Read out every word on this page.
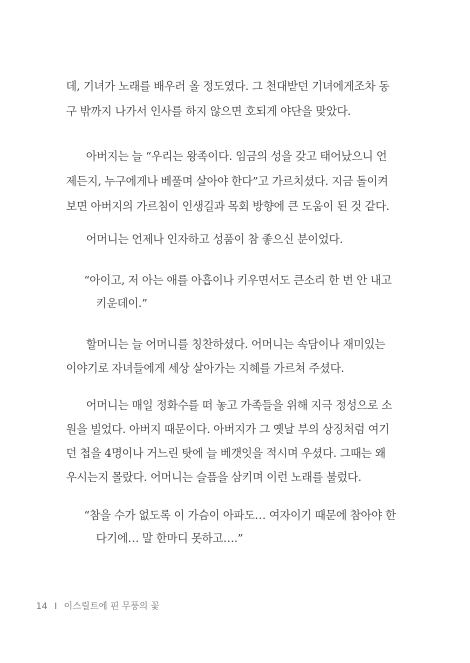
데, 기녀가 노래를 배우러 올 정도였다. 그 천대받던 기녀에게조차 동
구 밖까지 나가서 인사를 하지 않으면 호되게 야단을 맞았다.
아버지는 늘 “우리는 왕족이다. 임금의 성을 갖고 태어났으니 언
제든지, 누구에게나 베풀며 살아야 한다”고 가르치셨다. 지금 돌이켜
보면 아버지의 가르침이 인생길과 목회 방향에 큰 도움이 된 것 같다.
어머니는 언제나 인자하고 성품이 참 좋으신 분이었다.
“아이고, 저 아는 애를 아흡이나 키우면서도 큰소리 한 번 안 내고
키운데이.”
할머니는 늘 어머니를 칭찬하셨다. 어머니는 속담이나 재미있는
이야기로 자녀들에게 세상 살아가는 지혜를 가르쳐 주셨다.
어머니는 매일 정화수를 떠 놓고 가족들을 위해 지극 정성으로 소
원을 빌었다. 아버지 때문이다. 아버지가 그 옛날 부의 상징처럼 여기
던 첩을 4명이나 거느린 탓에 늘 베갯잇을 적시며 우셨다. 그때는 왜
우시는지 몰랐다. 어머니는 슬픔을 삼키며 이런 노래를 불렀다.
“참을 수가 없도록 이 가슴이 아파도… 여자이기 때문에 참아야 한
다기에… 말 한마디 못하고….”
14 I 이스릴트에 핀 무풍의 꽃
